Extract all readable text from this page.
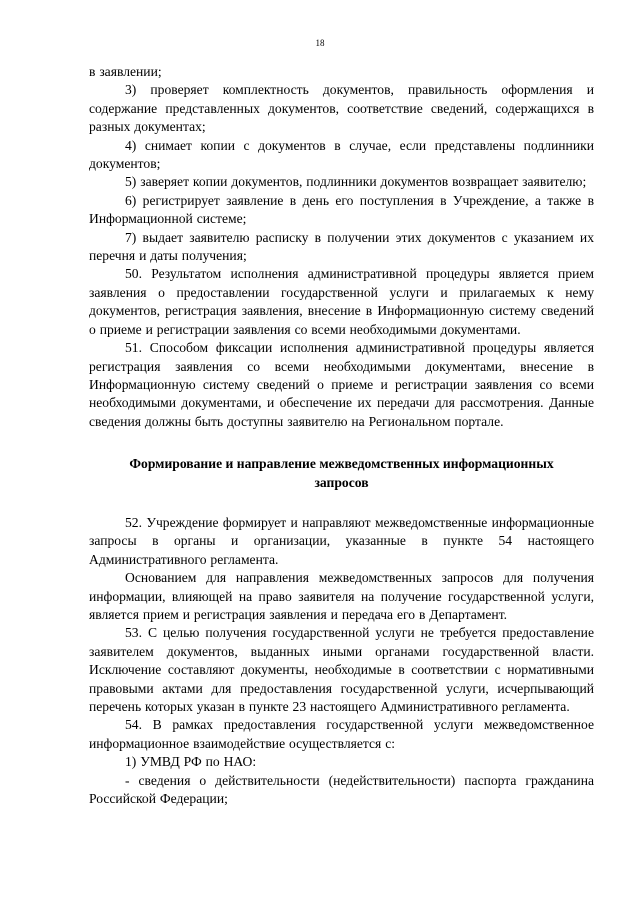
18

в заявлении;

3) проверяет комплектность документов, правильность оформления и содержание представленных документов, соответствие сведений, содержащихся в разных документах;

4) снимает копии с документов в случае, если представлены подлинники документов;

5) заверяет копии документов, подлинники документов возвращает заявителю;

6) регистрирует заявление в день его поступления в Учреждение, а также в Информационной системе;

7) выдает заявителю расписку в получении этих документов с указанием их перечня и даты получения;

50. Результатом исполнения административной процедуры является прием заявления о предоставлении государственной услуги и прилагаемых к нему документов, регистрация заявления, внесение в Информационную систему сведений о приеме и регистрации заявления со всеми необходимыми документами.

51. Способом фиксации исполнения административной процедуры является регистрация заявления со всеми необходимыми документами, внесение в Информационную систему сведений о приеме и регистрации заявления со всеми необходимыми документами, и обеспечение их передачи для рассмотрения. Данные сведения должны быть доступны заявителю на Региональном портале.

Формирование и направление межведомственных информационных запросов

52. Учреждение формирует и направляют межведомственные информационные запросы в органы и организации, указанные в пункте 54 настоящего Административного регламента.

Основанием для направления межведомственных запросов для получения информации, влияющей на право заявителя на получение государственной услуги, является прием и регистрация заявления и передача его в Департамент.

53. С целью получения государственной услуги не требуется предоставление заявителем документов, выданных иными органами государственной власти. Исключение составляют документы, необходимые в соответствии с нормативными правовыми актами для предоставления государственной услуги, исчерпывающий перечень которых указан в пункте 23 настоящего Административного регламента.

54. В рамках предоставления государственной услуги межведомственное информационное взаимодействие осуществляется с:

1) УМВД РФ по НАО:

- сведения о действительности (недействительности) паспорта гражданина Российской Федерации;
